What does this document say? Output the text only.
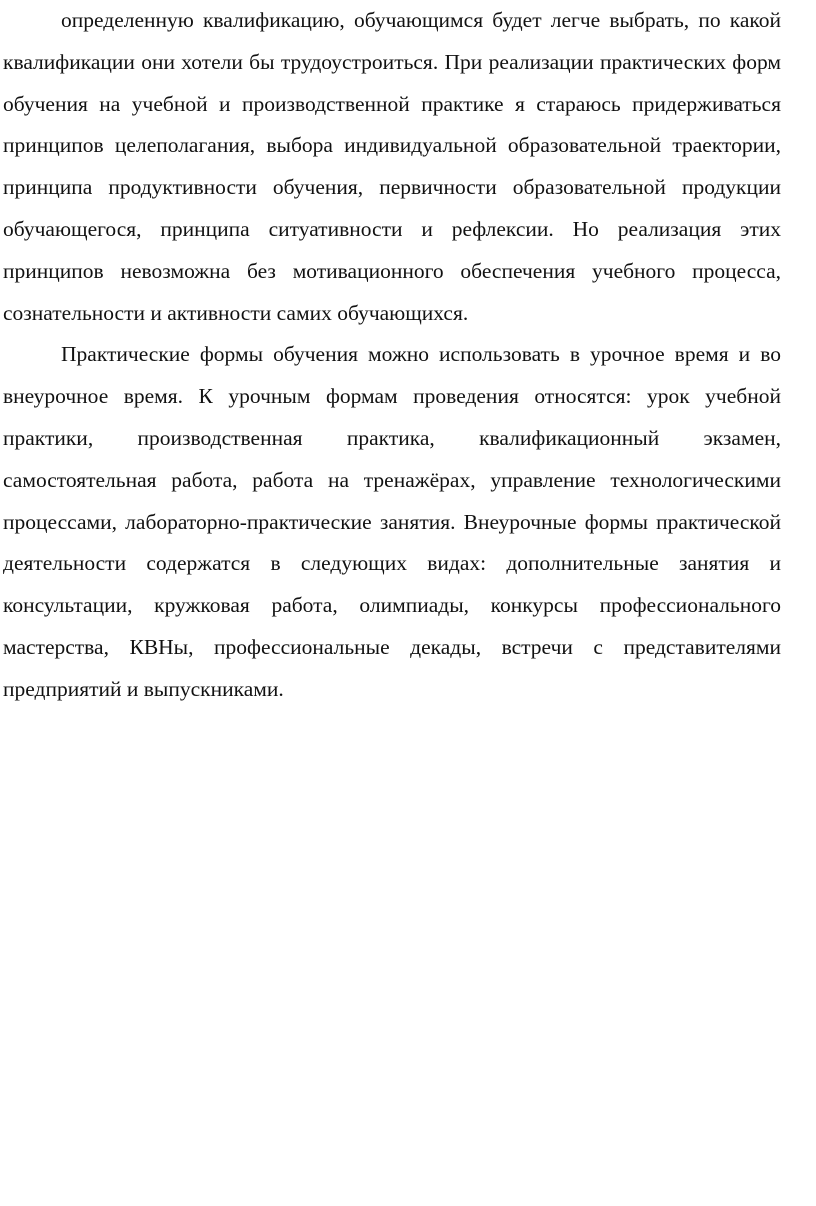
определенную квалификацию, обучающимся будет легче выбрать, по какой квалификации они хотели бы трудоустроиться. При реализации практических форм обучения на учебной и производственной практике я стараюсь придерживаться принципов целеполагания, выбора индивидуальной образовательной траектории, принципа продуктивности обучения, первичности образовательной продукции обучающегося, принципа ситуативности и рефлексии. Но реализация этих принципов невозможна без мотивационного обеспечения учебного процесса, сознательности и активности самих обучающихся.

Практические формы обучения можно использовать в урочное время и во внеурочное время. К урочным формам проведения относятся: урок учебной практики, производственная практика, квалификационный экзамен, самостоятельная работа, работа на тренажёрах, управление технологическими процессами, лабораторно-практические занятия. Внеурочные формы практической деятельности содержатся в следующих видах: дополнительные занятия и консультации, кружковая работа, олимпиады, конкурсы профессионального мастерства, КВНы, профессиональные декады, встречи с представителями предприятий и выпускниками.
